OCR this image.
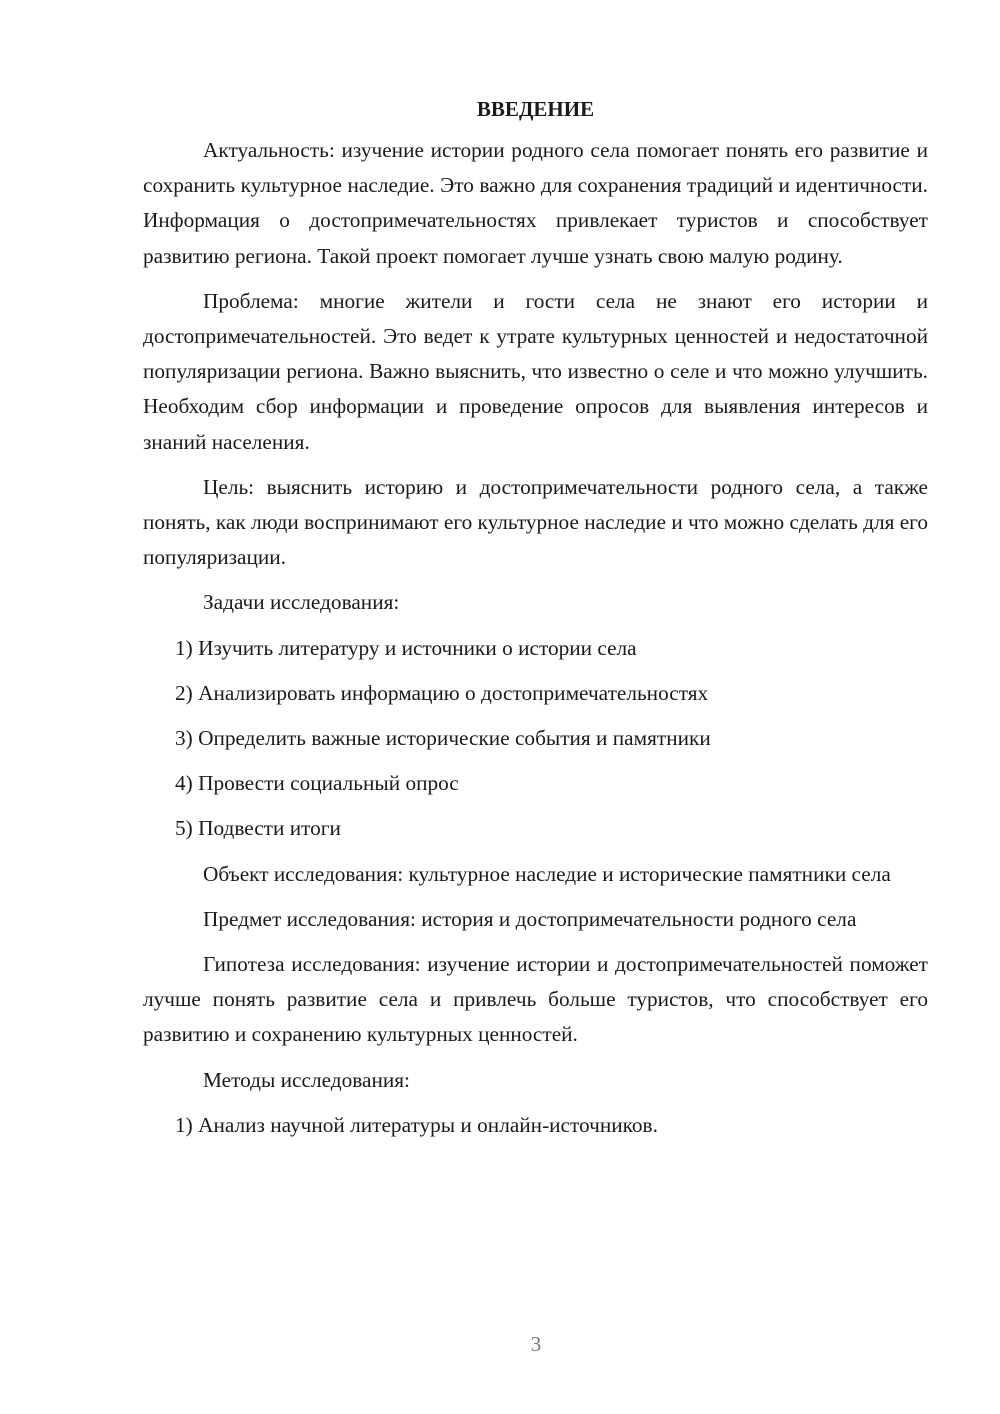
ВВЕДЕНИЕ

Актуальность: изучение истории родного села помогает понять его развитие и сохранить культурное наследие. Это важно для сохранения традиций и идентичности. Информация о достопримечательностях привлекает туристов и способствует развитию региона. Такой проект помогает лучше узнать свою малую родину.

Проблема: многие жители и гости села не знают его истории и достопримечательностей. Это ведет к утрате культурных ценностей и недостаточной популяризации региона. Важно выяснить, что известно о селе и что можно улучшить. Необходим сбор информации и проведение опросов для выявления интересов и знаний населения.

Цель: выяснить историю и достопримечательности родного села, а также понять, как люди воспринимают его культурное наследие и что можно сделать для его популяризации.

Задачи исследования:

1) Изучить литературу и источники о истории села
2) Анализировать информацию о достопримечательностях
3) Определить важные исторические события и памятники
4) Провести социальный опрос
5) Подвести итоги

Объект исследования: культурное наследие и исторические памятники села

Предмет исследования: история и достопримечательности родного села

Гипотеза исследования: изучение истории и достопримечательностей поможет лучше понять развитие села и привлечь больше туристов, что способствует его развитию и сохранению культурных ценностей.

Методы исследования:

1) Анализ научной литературы и онлайн-источников.
3
